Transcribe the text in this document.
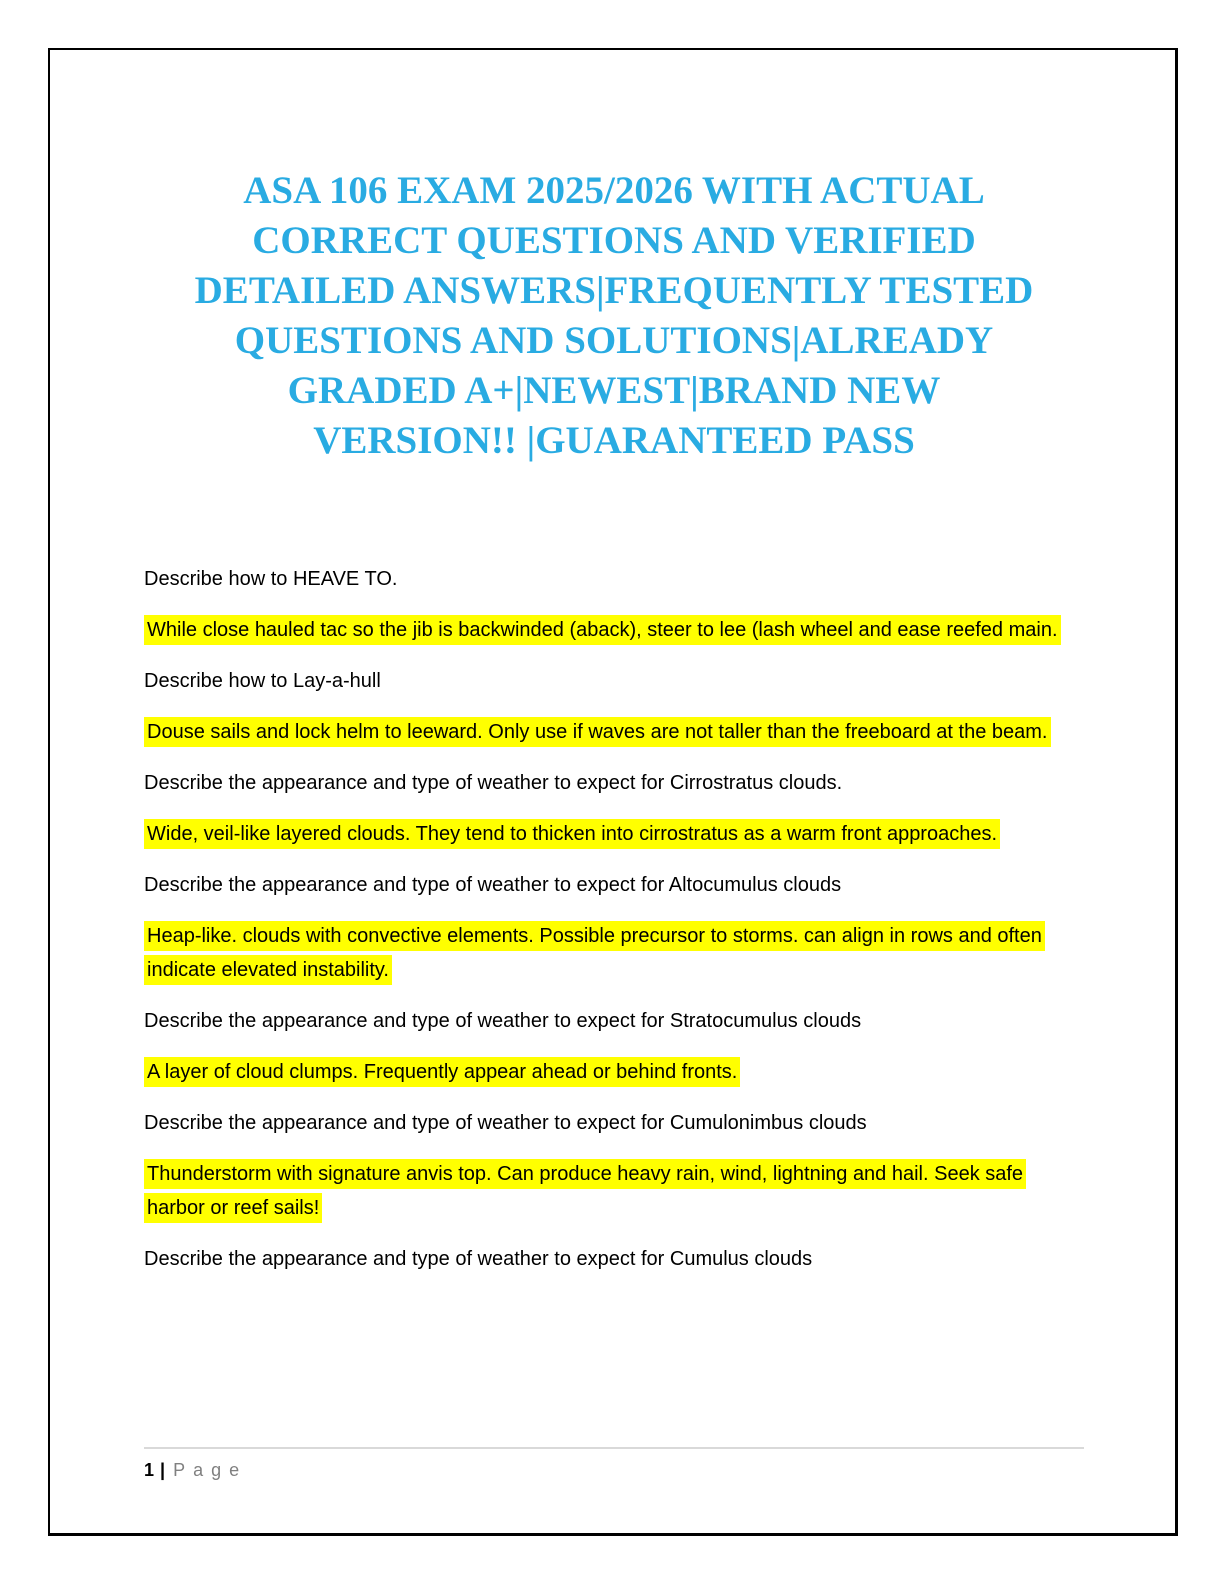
ASA 106 EXAM 2025/2026 WITH ACTUAL
CORRECT QUESTIONS AND VERIFIED
DETAILED ANSWERS|FREQUENTLY TESTED
QUESTIONS AND SOLUTIONS|ALREADY
GRADED A+|NEWEST|BRAND NEW
VERSION!! |GUARANTEED PASS

Describe how to HEAVE TO.

While close hauled tac so the jib is backwinded (aback), steer to lee (lash wheel and ease reefed main.

Describe how to Lay-a-hull

Douse sails and lock helm to leeward. Only use if waves are not taller than the freeboard at the beam.

Describe the appearance and type of weather to expect for Cirrostratus clouds.

Wide, veil-like layered clouds. They tend to thicken into cirrostratus as a warm front approaches.

Describe the appearance and type of weather to expect for Altocumulus clouds

Heap-like. clouds with convective elements. Possible precursor to storms. can align in rows and often indicate elevated instability.

Describe the appearance and type of weather to expect for Stratocumulus clouds

A layer of cloud clumps. Frequently appear ahead or behind fronts.

Describe the appearance and type of weather to expect for Cumulonimbus clouds

Thunderstorm with signature anvis top. Can produce heavy rain, wind, lightning and hail. Seek safe harbor or reef sails!

Describe the appearance and type of weather to expect for Cumulus clouds

1 | Page
